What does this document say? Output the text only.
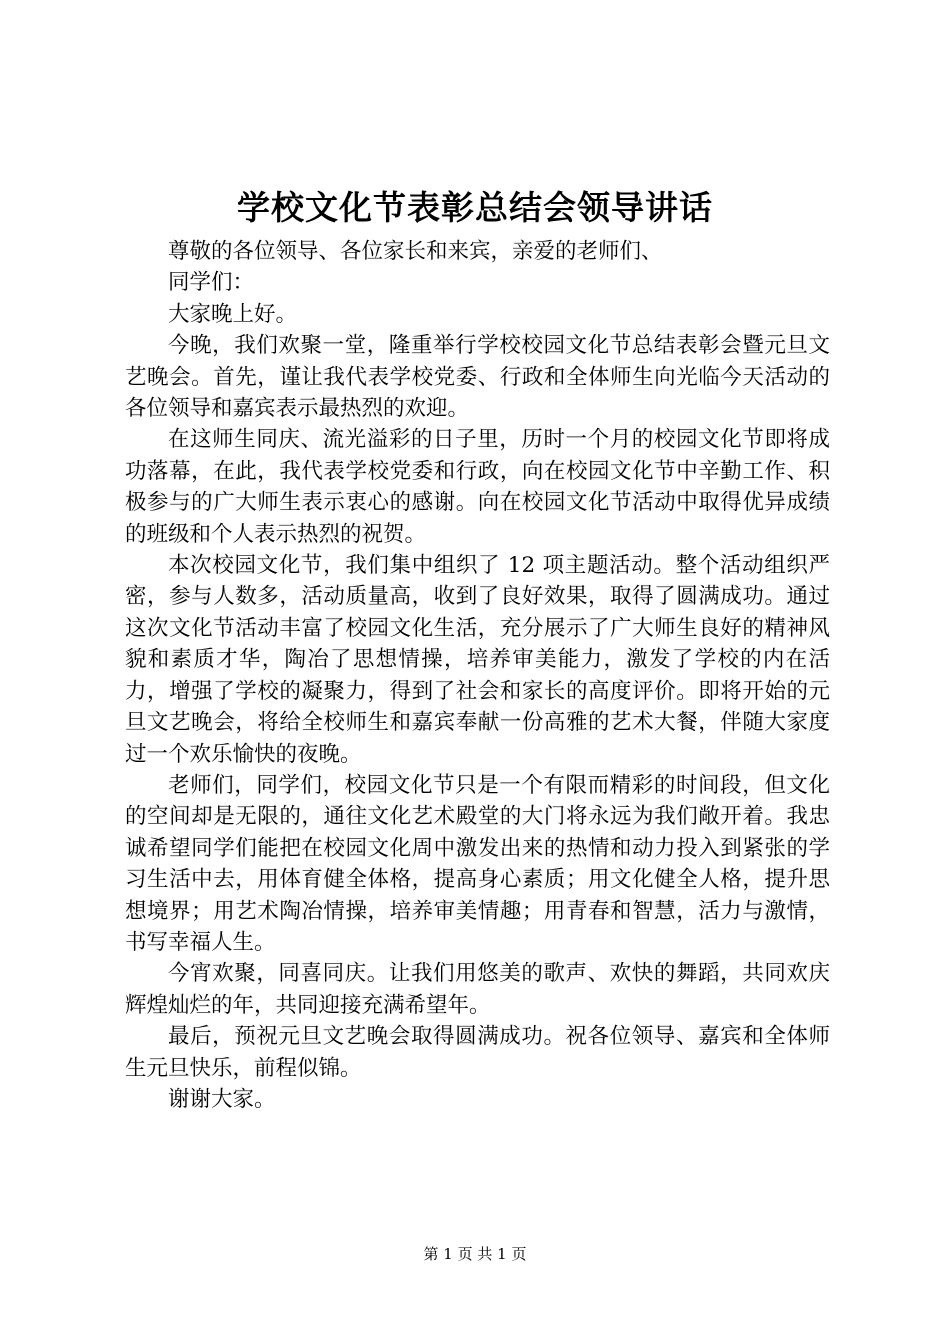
学校文化节表彰总结会领导讲话

尊敬的各位领导、各位家长和来宾，亲爱的老师们、

同学们：

大家晚上好。

今晚，我们欢聚一堂，隆重举行学校校园文化节总结表彰会暨元旦文艺晚会。首先，谨让我代表学校党委、行政和全体师生向光临今天活动的各位领导和嘉宾表示最热烈的欢迎。

在这师生同庆、流光溢彩的日子里，历时一个月的校园文化节即将成功落幕，在此，我代表学校党委和行政，向在校园文化节中辛勤工作、积极参与的广大师生表示衷心的感谢。向在校园文化节活动中取得优异成绩的班级和个人表示热烈的祝贺。

本次校园文化节，我们集中组织了 12 项主题活动。整个活动组织严密，参与人数多，活动质量高，收到了良好效果，取得了圆满成功。通过这次文化节活动丰富了校园文化生活，充分展示了广大师生良好的精神风貌和素质才华，陶冶了思想情操，培养审美能力，激发了学校的内在活力，增强了学校的凝聚力，得到了社会和家长的高度评价。即将开始的元旦文艺晚会，将给全校师生和嘉宾奉献一份高雅的艺术大餐，伴随大家度过一个欢乐愉快的夜晚。

老师们，同学们，校园文化节只是一个有限而精彩的时间段，但文化的空间却是无限的，通往文化艺术殿堂的大门将永远为我们敞开着。我忠诚希望同学们能把在校园文化周中激发出来的热情和动力投入到紧张的学习生活中去，用体育健全体格，提高身心素质；用文化健全人格，提升思想境界；用艺术陶冶情操，培养审美情趣；用青春和智慧，活力与激情，书写幸福人生。

今宵欢聚，同喜同庆。让我们用悠美的歌声、欢快的舞蹈，共同欢庆辉煌灿烂的年，共同迎接充满希望年。

最后，预祝元旦文艺晚会取得圆满成功。祝各位领导、嘉宾和全体师生元旦快乐，前程似锦。

谢谢大家。

第 1 页 共 1 页
